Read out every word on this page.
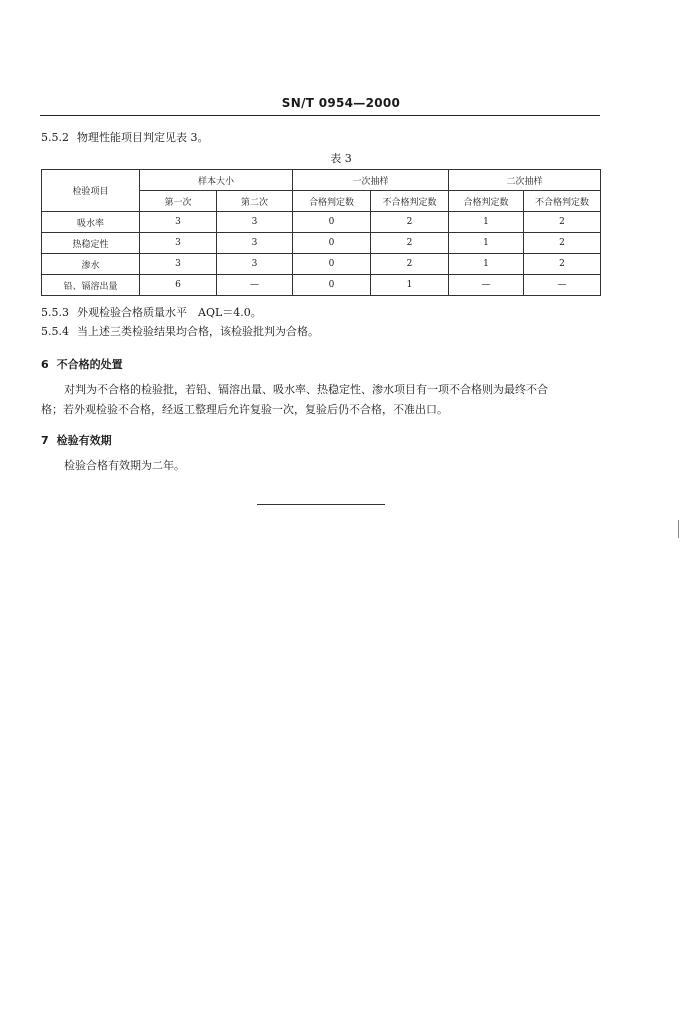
SN/T 0954—2000
5.5.2 物理性能项目判定见表 3。
表 3
检验项目	样本大小		一次抽样		二次抽样	
	第一次	第二次	合格判定数	不合格判定数	合格判定数	不合格判定数
吸水率	3	3	0	2	1	2
热稳定性	3	3	0	2	1	2
渗水	3	3	0	2	1	2
铅、镉溶出量	6	—	0	1	—	—
5.5.3 外观检验合格质量水平　AQL＝4.0。
5.5.4 当上述三类检验结果均合格，该检验批判为合格。
6 不合格的处置
对判为不合格的检验批，若铅、镉溶出量、吸水率、热稳定性、渗水项目有一项不合格则为最终不合
格；若外观检验不合格，经返工整理后允许复验一次，复验后仍不合格，不准出口。
7 检验有效期
检验合格有效期为二年。
